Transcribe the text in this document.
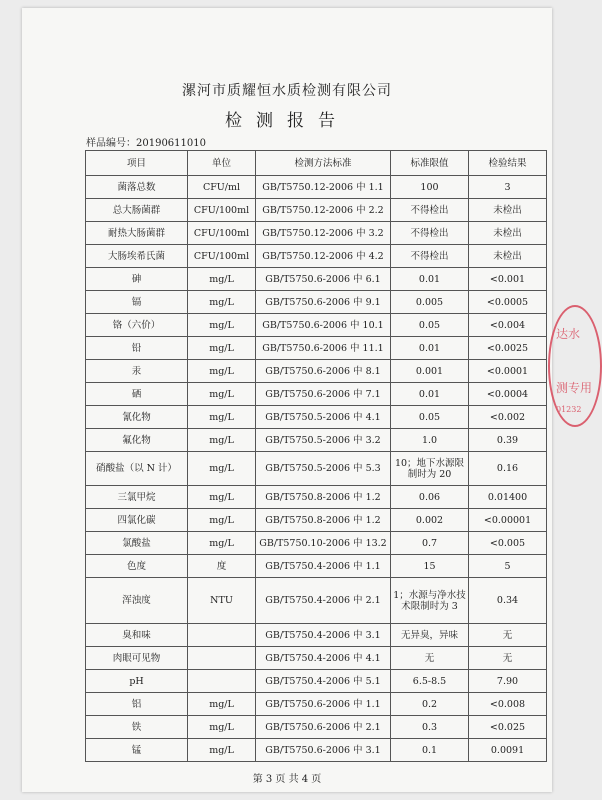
漯河市质耀恒水质检测有限公司
检测报告
样品编号：20190611010
项目	单位	检测方法标准	标准限值	检验结果
菌落总数	CFU/ml	GB/T5750.12-2006 中 1.1	100	3
总大肠菌群	CFU/100ml	GB/T5750.12-2006 中 2.2	不得检出	未检出
耐热大肠菌群	CFU/100ml	GB/T5750.12-2006 中 3.2	不得检出	未检出
大肠埃希氏菌	CFU/100ml	GB/T5750.12-2006 中 4.2	不得检出	未检出
砷	mg/L	GB/T5750.6-2006 中 6.1	0.01	<0.001
镉	mg/L	GB/T5750.6-2006 中 9.1	0.005	<0.0005
铬（六价）	mg/L	GB/T5750.6-2006 中 10.1	0.05	<0.004
铅	mg/L	GB/T5750.6-2006 中 11.1	0.01	<0.0025
汞	mg/L	GB/T5750.6-2006 中 8.1	0.001	<0.0001
硒	mg/L	GB/T5750.6-2006 中 7.1	0.01	<0.0004
氰化物	mg/L	GB/T5750.5-2006 中 4.1	0.05	<0.002
氟化物	mg/L	GB/T5750.5-2006 中 3.2	1.0	0.39
硝酸盐（以 N 计）	mg/L	GB/T5750.5-2006 中 5.3	10；地下水源限制时为 20	0.16
三氯甲烷	mg/L	GB/T5750.8-2006 中 1.2	0.06	0.01400
四氯化碳	mg/L	GB/T5750.8-2006 中 1.2	0.002	<0.00001
氯酸盐	mg/L	GB/T5750.10-2006 中 13.2	0.7	<0.005
色度	度	GB/T5750.4-2006 中 1.1	15	5
浑浊度	NTU	GB/T5750.4-2006 中 2.1	1；水源与净水技术限制时为 3	0.34
臭和味		GB/T5750.4-2006 中 3.1	无异臭，异味	无
肉眼可见物		GB/T5750.4-2006 中 4.1	无	无
pH		GB/T5750.4-2006 中 5.1	6.5-8.5	7.90
铝	mg/L	GB/T5750.6-2006 中 1.1	0.2	<0.008
铁	mg/L	GB/T5750.6-2006 中 2.1	0.3	<0.025
锰	mg/L	GB/T5750.6-2006 中 3.1	0.1	0.0091
第 3 页 共 4 页
达水
测专用
01232
